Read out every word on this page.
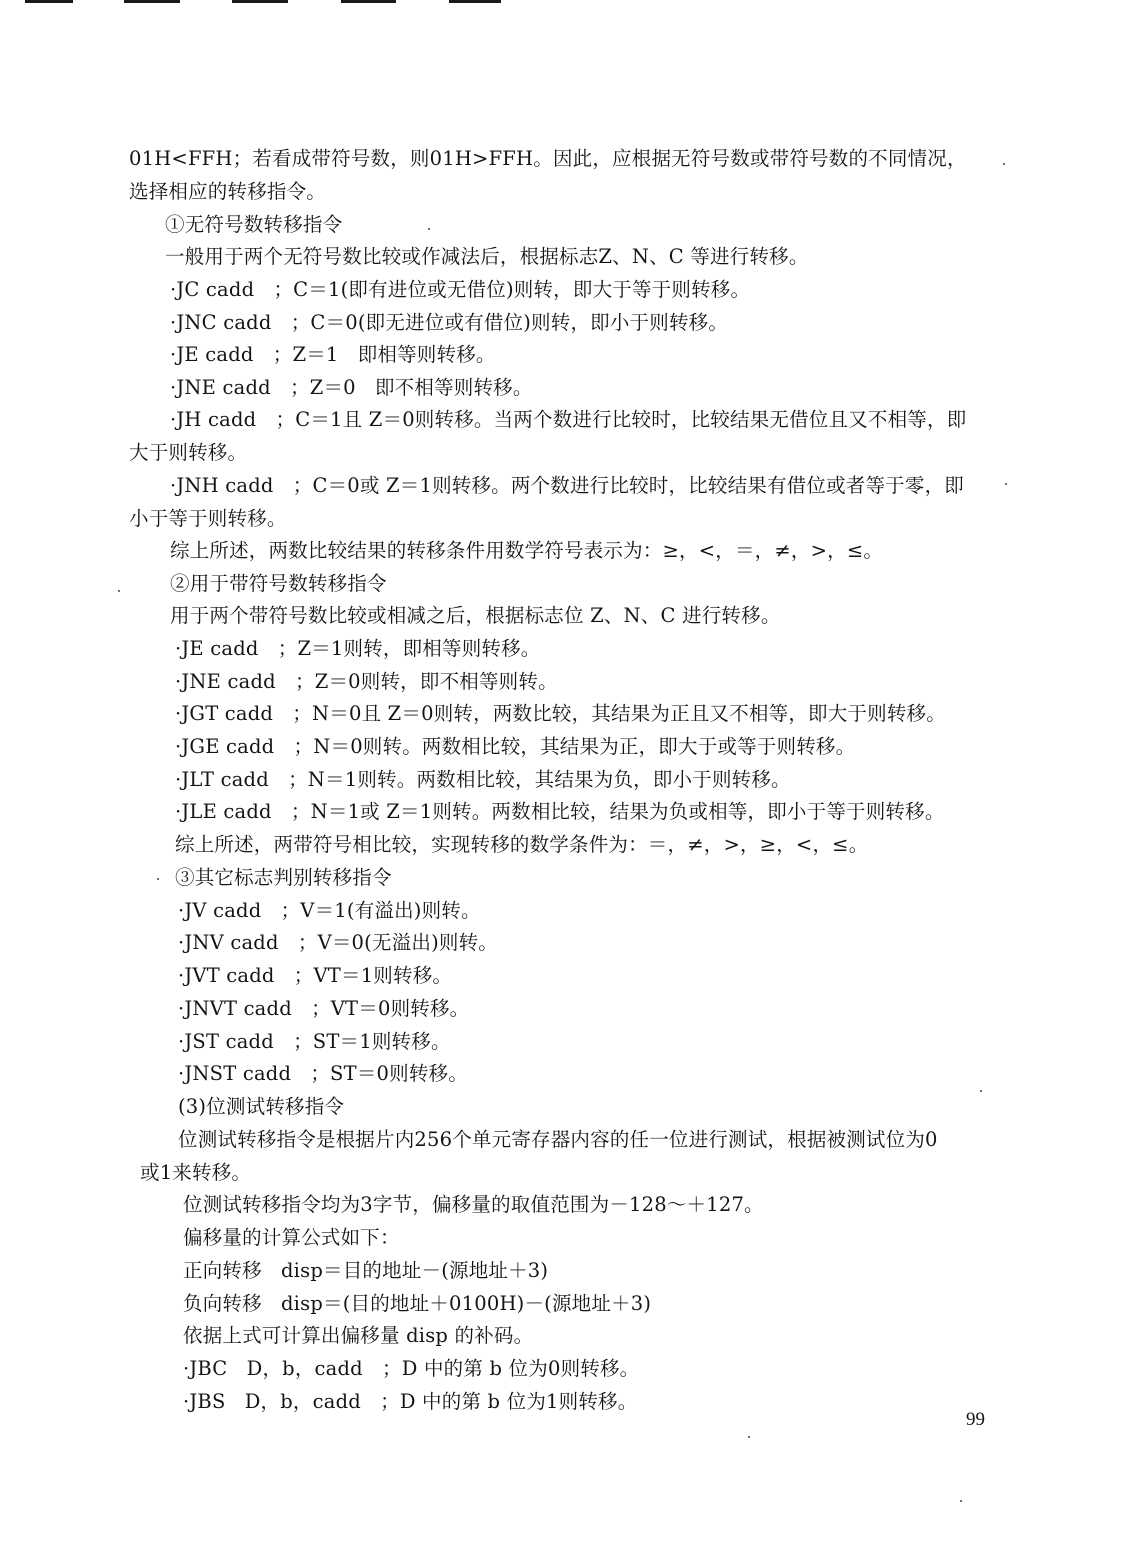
01H<FFH；若看成带符号数，则01H>FFH。因此，应根据无符号数或带符号数的不同情况，
选择相应的转移指令。
①无符号数转移指令
一般用于两个无符号数比较或作减法后，根据标志Z、N、C 等进行转移。
·JC cadd   ；C＝1(即有进位或无借位)则转，即大于等于则转移。
·JNC cadd   ；C＝0(即无进位或有借位)则转，即小于则转移。
·JE cadd   ；Z＝1   即相等则转移。
·JNE cadd   ；Z＝0   即不相等则转移。
·JH cadd   ；C＝1且 Z＝0则转移。当两个数进行比较时，比较结果无借位且又不相等，即
大于则转移。
·JNH cadd   ；C＝0或 Z＝1则转移。两个数进行比较时，比较结果有借位或者等于零，即
小于等于则转移。
综上所述，两数比较结果的转移条件用数学符号表示为：≥，<，＝，≠，>，≤。
②用于带符号数转移指令
用于两个带符号数比较或相减之后，根据标志位 Z、N、C 进行转移。
·JE cadd   ；Z＝1则转，即相等则转移。
·JNE cadd   ；Z＝0则转，即不相等则转。
·JGT cadd   ；N＝0且 Z＝0则转，两数比较，其结果为正且又不相等，即大于则转移。
·JGE cadd   ；N＝0则转。两数相比较，其结果为正，即大于或等于则转移。
·JLT cadd   ；N＝1则转。两数相比较，其结果为负，即小于则转移。
·JLE cadd   ；N＝1或 Z＝1则转。两数相比较，结果为负或相等，即小于等于则转移。
综上所述，两带符号相比较，实现转移的数学条件为：＝，≠，>，≥，<，≤。
③其它标志判别转移指令
·JV cadd   ；V＝1(有溢出)则转。
·JNV cadd   ；V＝0(无溢出)则转。
·JVT cadd   ；VT＝1则转移。
·JNVT cadd   ；VT＝0则转移。
·JST cadd   ；ST＝1则转移。
·JNST cadd   ；ST＝0则转移。
(3)位测试转移指令
位测试转移指令是根据片内256个单元寄存器内容的任一位进行测试，根据被测试位为0
或1来转移。
位测试转移指令均为3字节，偏移量的取值范围为－128～＋127。
偏移量的计算公式如下：
正向转移   disp＝目的地址－(源地址＋3)
负向转移   disp＝(目的地址＋0100H)－(源地址＋3)
依据上式可计算出偏移量 disp 的补码。
·JBC   D，b，cadd   ；D 中的第 b 位为0则转移。
·JBS   D，b，cadd   ；D 中的第 b 位为1则转移。
99
